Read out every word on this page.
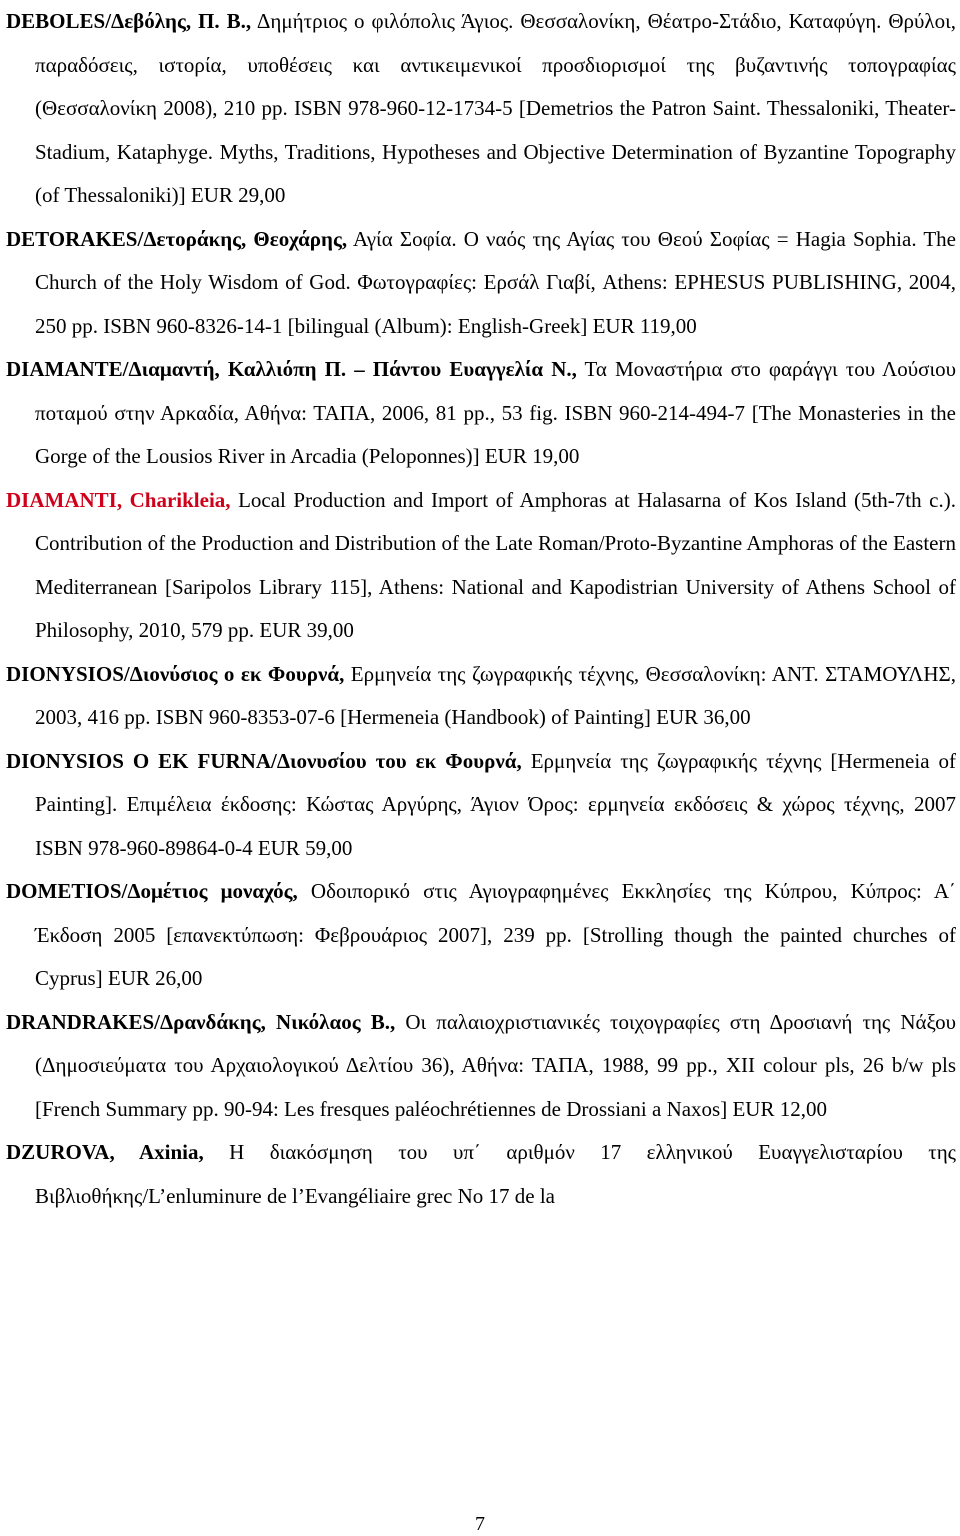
DEBOLES/Δεβόλης, Π. Β., Δημήτριος ο φιλόπολις Άγιος. Θεσσαλονίκη, Θέατρο-Στάδιο, Καταφύγη. Θρύλοι, παραδόσεις, ιστορία, υποθέσεις και αντικειμενικοί προσδιορισμοί της βυζαντινής τοπογραφίας (Θεσσαλονίκη 2008), 210 pp. ISBN 978-960-12-1734-5 [Demetrios the Patron Saint. Thessaloniki, Theater-Stadium, Kataphyge. Myths, Traditions, Hypotheses and Objective Determination of Byzantine Topography (of Thessaloniki)] EUR 29,00

DETORAKES/Δετοράκης, Θεοχάρης, Αγία Σοφία. Ο ναός της Αγίας του Θεού Σοφίας = Hagia Sophia. The Church of the Holy Wisdom of God. Φωτογραφίες: Ερσάλ Γιαβί, Athens: EPHESUS PUBLISHING, 2004, 250 pp. ISBN 960-8326-14-1 [bilingual (Album): English-Greek] EUR 119,00

DIAMANTE/Διαμαντή, Καλλιόπη Π. – Πάντου Ευαγγελία Ν., Τα Μοναστήρια στο φαράγγι του Λούσιου ποταμού στην Αρκαδία, Αθήνα: ΤΑΠΑ, 2006, 81 pp., 53 fig. ISBN 960-214-494-7 [The Monasteries in the Gorge of the Lousios River in Arcadia (Peloponnes)] EUR 19,00

DIAMANTI, Charikleia, Local Production and Import of Amphoras at Halasarna of Kos Island (5th-7th c.). Contribution of the Production and Distribution of the Late Roman/Proto-Byzantine Amphoras of the Eastern Mediterranean [Saripolos Library 115], Athens: National and Kapodistrian University of Athens School of Philosophy, 2010, 579 pp. EUR 39,00

DIONYSIOS/Διονύσιος ο εκ Φουρνά, Ερμηνεία της ζωγραφικής τέχνης, Θεσσαλονίκη: ΑΝΤ. ΣΤΑΜΟΥΛΗΣ, 2003, 416 pp. ISBN 960-8353-07-6 [Hermeneia (Handbook) of Painting] EUR 36,00

DIONYSIOS O EK FURNA/Διονυσίου του εκ Φουρνά, Ερμηνεία της ζωγραφικής τέχνης [Hermeneia of Painting]. Επιμέλεια έκδοσης: Κώστας Αργύρης, Άγιον Όρος: ερμηνεία εκδόσεις & χώρος τέχνης, 2007 ISBN 978-960-89864-0-4 EUR 59,00

DOMETIOS/Δομέτιος μοναχός, Οδοιπορικό στις Αγιογραφημένες Εκκλησίες της Κύπρου, Κύπρος: Α΄ Έκδοση 2005 [επανεκτύπωση: Φεβρουάριος 2007], 239 pp. [Strolling though the painted churches of Cyprus] EUR 26,00

DRANDRAKES/Δρανδάκης, Νικόλαος Β., Οι παλαιοχριστιανικές τοιχογραφίες στη Δροσιανή της Νάξου (Δημοσιεύματα του Αρχαιολογικού Δελτίου 36), Αθήνα: ΤΑΠΑ, 1988, 99 pp., XII colour pls, 26 b/w pls [French Summary pp. 90-94: Les fresques paléochrétiennes de Drossiani a Naxos] EUR 12,00

DZUROVA, Axinia, Η διακόσμηση του υπ΄ αριθμόν 17 ελληνικού Ευαγγελισταρίου της Βιβλιοθήκης/L’enluminure de l’Evangéliaire grec No 17 de la

7
